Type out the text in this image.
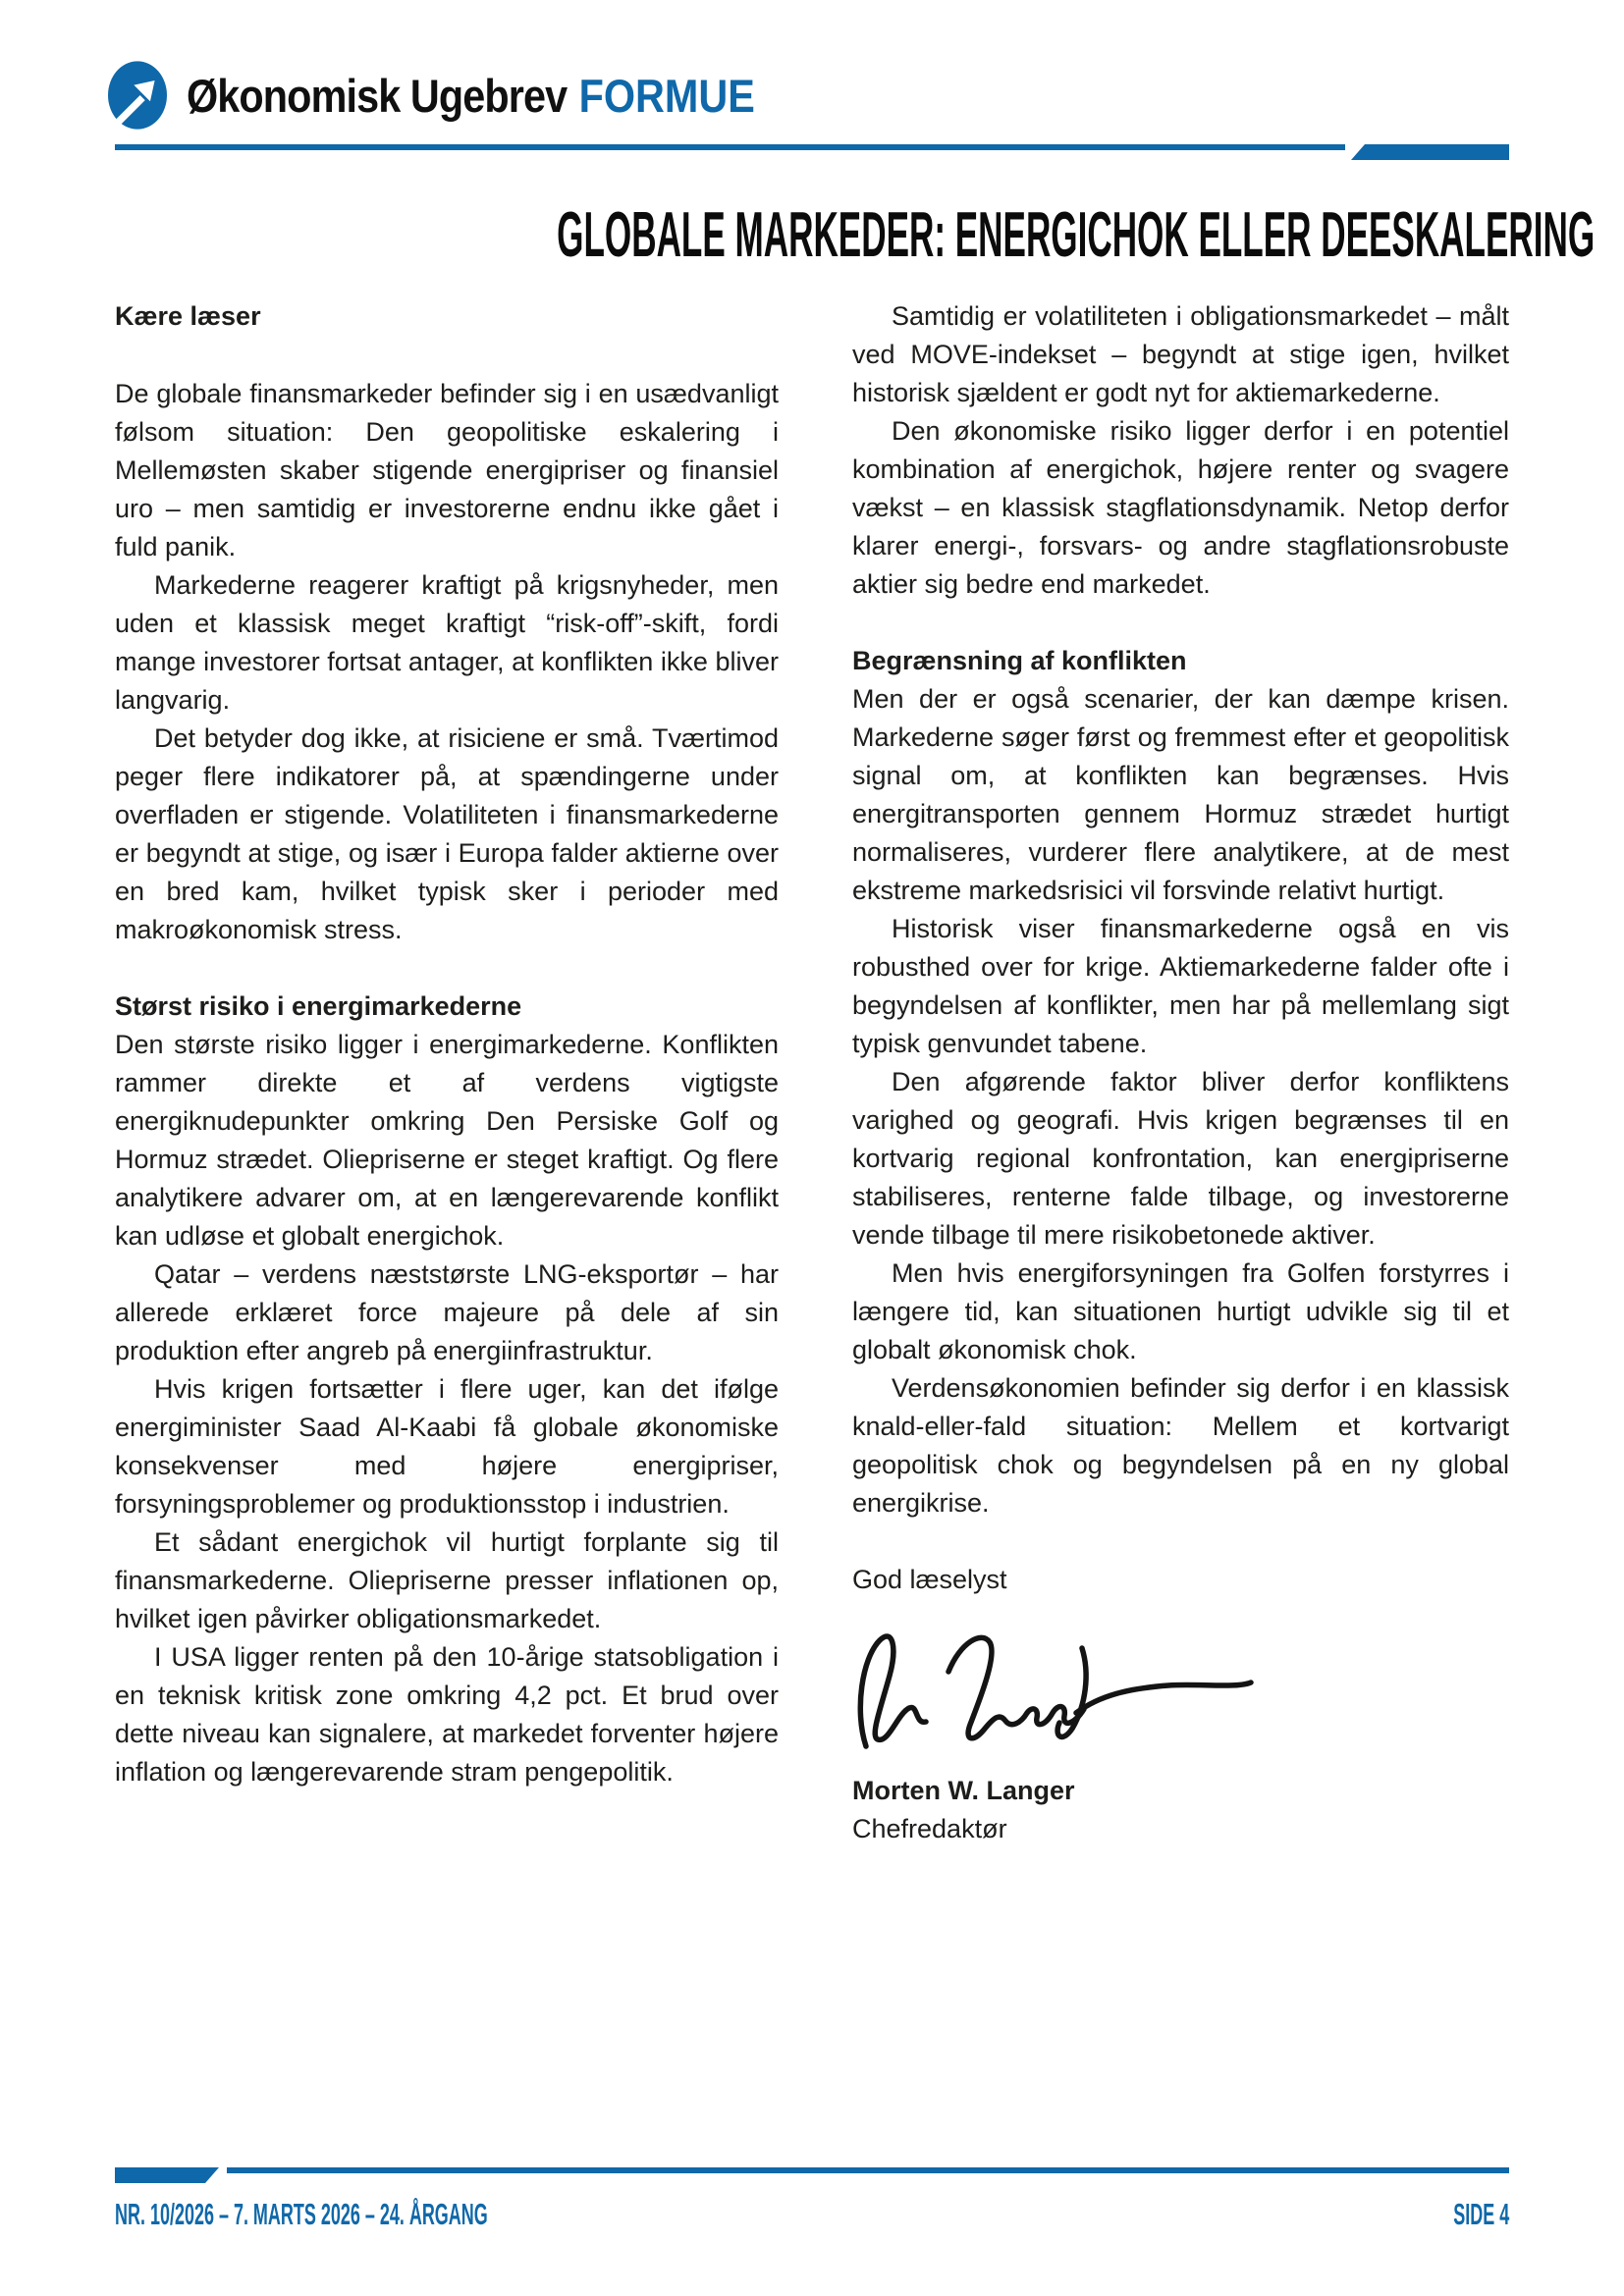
Økonomisk Ugebrev FORMUE
GLOBALE MARKEDER: ENERGICHOK ELLER DEESKALERING

Kære læser

De globale finansmarkeder befinder sig i en usædvanligt følsom situation: Den geopolitiske eskalering i Mellemøsten skaber stigende energipriser og finansiel uro – men samtidig er investorerne endnu ikke gået i fuld panik.

Markederne reagerer kraftigt på krigsnyheder, men uden et klassisk meget kraftigt “risk-off”-skift, fordi mange investorer fortsat antager, at konflikten ikke bliver langvarig.

Det betyder dog ikke, at risiciene er små. Tværtimod peger flere indikatorer på, at spændingerne under overfladen er stigende. Volatiliteten i finansmarkederne er begyndt at stige, og især i Europa falder aktierne over en bred kam, hvilket typisk sker i perioder med makroøkonomisk stress.

Størst risiko i energimarkederne

Den største risiko ligger i energimarkederne. Konflikten rammer direkte et af verdens vigtigste energiknudepunkter omkring Den Persiske Golf og Hormuz strædet. Oliepriserne er steget kraftigt. Og flere analytikere advarer om, at en længerevarende konflikt kan udløse et globalt energichok.

Qatar – verdens næststørste LNG-eksportør – har allerede erklæret force majeure på dele af sin produktion efter angreb på energiinfrastruktur.

Hvis krigen fortsætter i flere uger, kan det ifølge energiminister Saad Al-Kaabi få globale økonomiske konsekvenser med højere energipriser, forsyningsproblemer og produktionsstop i industrien.

Et sådant energichok vil hurtigt forplante sig til finansmarkederne. Oliepriserne presser inflationen op, hvilket igen påvirker obligationsmarkedet.

I USA ligger renten på den 10-årige statsobligation i en teknisk kritisk zone omkring 4,2 pct. Et brud over dette niveau kan signalere, at markedet forventer højere inflation og længerevarende stram pengepolitik.

Samtidig er volatiliteten i obligationsmarkedet – målt ved MOVE-indekset – begyndt at stige igen, hvilket historisk sjældent er godt nyt for aktiemarkederne.

Den økonomiske risiko ligger derfor i en potentiel kombination af energichok, højere renter og svagere vækst – en klassisk stagflationsdynamik. Netop derfor klarer energi-, forsvars- og andre stagflationsrobuste aktier sig bedre end markedet.

Begrænsning af konflikten

Men der er også scenarier, der kan dæmpe krisen. Markederne søger først og fremmest efter et geopolitisk signal om, at konflikten kan begrænses. Hvis energitransporten gennem Hormuz strædet hurtigt normaliseres, vurderer flere analytikere, at de mest ekstreme markedsrisici vil forsvinde relativt hurtigt.

Historisk viser finansmarkederne også en vis robusthed over for krige. Aktiemarkederne falder ofte i begyndelsen af konflikter, men har på mellemlang sigt typisk genvundet tabene.

Den afgørende faktor bliver derfor konfliktens varighed og geografi. Hvis krigen begrænses til en kortvarig regional konfrontation, kan energipriserne stabiliseres, renterne falde tilbage, og investorerne vende tilbage til mere risikobetonede aktiver.

Men hvis energiforsyningen fra Golfen forstyrres i længere tid, kan situationen hurtigt udvikle sig til et globalt økonomisk chok.

Verdensøkonomien befinder sig derfor i en klassisk knald-eller-fald situation: Mellem et kortvarigt geopolitisk chok og begyndelsen på en ny global energikrise.

God læselyst

Morten W. Langer

Chefredaktør

NR. 10/2026 – 7. MARTS 2026 – 24. ÅRGANG	SIDE 4
